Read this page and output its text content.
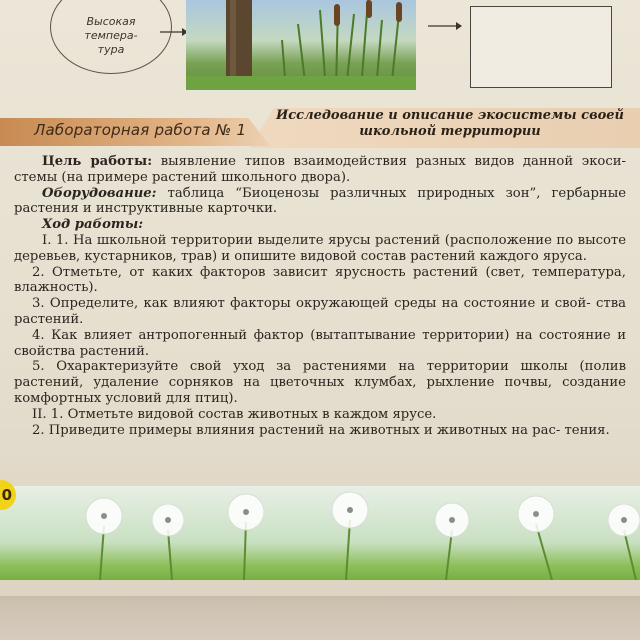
Высокая
темпера-
тура
Лабораторная работа № 1
Исследование и описание экосистемы своей школьной территории

Цель работы: выявление типов взаимодействия разных видов данной экоси- стемы (на примере растений школьного двора).

Оборудование: таблица “Биоценозы различных природных зон”, гербарные растения и инструктивные карточки.

Ход работы:

I. 1. На школьной территории выделите ярусы растений (расположение по высоте деревьев, кустарников, трав) и опишите видовой состав растений каждого яруса.

2. Отметьте, от каких факторов зависит ярусность растений (свет, температура, влажность).

3. Определите, как влияют факторы окружающей среды на состояние и свой- ства растений.

4. Как влияет антропогенный фактор (вытаптывание территории) на состояние и свойства растений.

5. Охарактеризуйте свой уход за растениями на территории школы (полив растений, удаление сорняков на цветочных клумбах, рыхление почвы, создание комфортных условий для птиц).

II. 1. Отметьте видовой состав животных в каждом ярусе.

2. Приведите примеры влияния растений на животных и животных на рас- тения.

0
